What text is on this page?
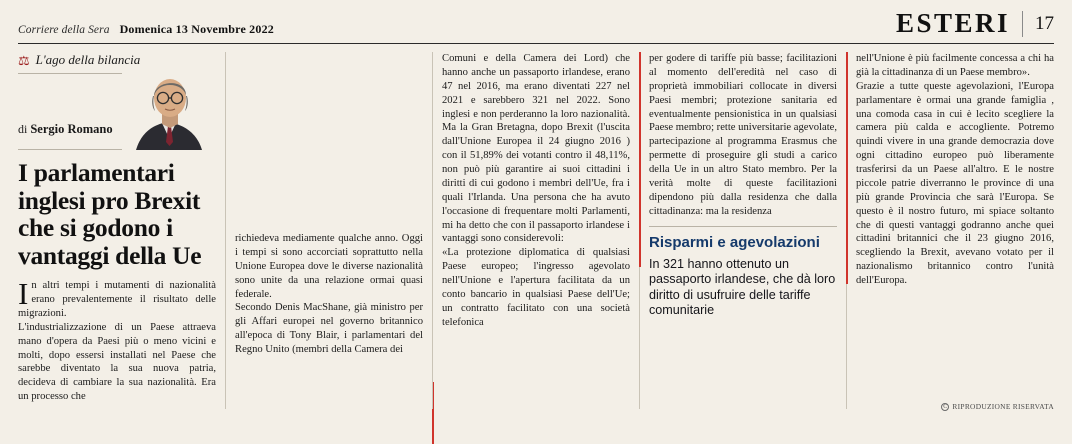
Corriere della Sera Domenica 13 Novembre 2022	ESTERI 17
⚖ L'ago della bilancia
di Sergio Romano
I parlamentari inglesi pro Brexit che si godono i vantaggi della Ue

In altri tempi i mutamenti di nazionalità erano prevalentemente il risultato delle migrazioni.

L'industrializzazione di un Paese attraeva mano d'opera da Paesi più o meno vicini e molti, dopo essersi installati nel Paese che sarebbe diventato la sua nuova patria, decideva di cambiare la sua nazionalità. Era un processo che

richiedeva mediamente qualche anno. Oggi i tempi si sono accorciati soprattutto nella Unione Europea dove le diverse nazionalità sono unite da una relazione ormai quasi federale.

Secondo Denis MacShane, già ministro per gli Affari europei nel governo britannico all'epoca di Tony Blair, i parlamentari del Regno Unito (membri della Camera dei

Comuni e della Camera dei Lord) che hanno anche un passaporto irlandese, erano 47 nel 2016, ma erano diventati 227 nel 2021 e sarebbero 321 nel 2022. Sono inglesi e non perderanno la loro nazionalità. Ma la Gran Bretagna, dopo Brexit (l'uscita dall'Unione Europea il 24 giugno 2016 ) con il 51,89% dei votanti contro il 48,11%, non può più garantire ai suoi cittadini i diritti di cui godono i membri dell'Ue, fra i quali l'Irlanda. Una persona che ha avuto l'occasione di frequentare molti Parlamenti, mi ha detto che con il passaporto irlandese i vantaggi sono considerevoli:

«La protezione diplomatica di qualsiasi Paese europeo; l'ingresso agevolato nell'Unione e l'apertura facilitata da un conto bancario in qualsiasi Paese dell'Ue; un contratto facilitato con una società telefonica

per godere di tariffe più basse; facilitazioni al momento dell'eredità nel caso di proprietà immobiliari collocate in diversi Paesi membri; protezione sanitaria ed eventualmente pensionistica in un qualsiasi Paese membro; rette universitarie agevolate, partecipazione al programma Erasmus che permette di proseguire gli studi a carico della Ue in un altro Stato membro. Per la verità molte di queste facilitazioni dipendono più dalla residenza che dalla cittadinanza: ma la residenza

Risparmi e agevolazioni
In 321 hanno ottenuto un passaporto irlandese, che dà loro diritto di usufruire delle tariffe comunitarie

nell'Unione è più facilmente concessa a chi ha già la cittadinanza di un Paese membro».

Grazie a tutte queste agevolazioni, l'Europa parlamentare è ormai una grande famiglia , una comoda casa in cui è lecito scegliere la camera più calda e accogliente. Potremo quindi vivere in una grande democrazia dove ogni cittadino europeo può liberamente trasferirsi da un Paese all'altro. E le nostre piccole patrie diverranno le province di una più grande Provincia che sarà l'Europa. Se questo è il nostro futuro, mi spiace soltanto che di questi vantaggi godranno anche quei cittadini britannici che il 23 giugno 2016, scegliendo la Brexit, avevano votato per il nazionalismo britannico contro l'unità dell'Europa.

C RIPRODUZIONE RISERVATA
